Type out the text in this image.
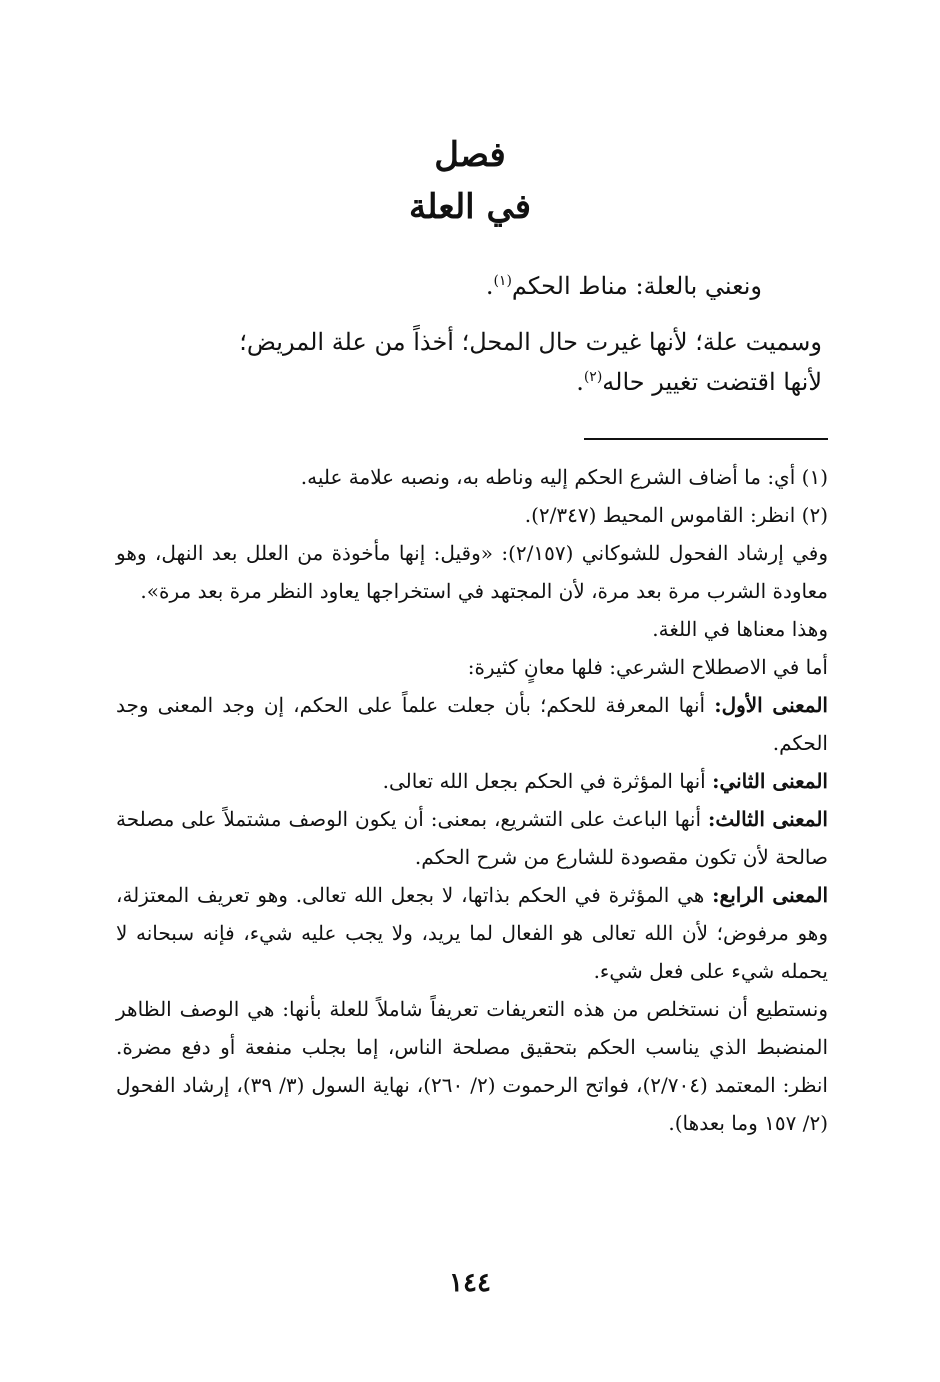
فصل
في العلة

ونعني بالعلة: مناط الحكم$^{(١)}$.

وسميت علة؛ لأنها غيرت حال المحل؛ أخذاً من علة المريض؛
لأنها اقتضت تغيير حاله$^{(٢)}$.

(١) أي: ما أضاف الشرع الحكم إليه وناطه به، ونصبه علامة عليه.

(٢) انظر: القاموس المحيط (٢/٣٤٧).

وفي إرشاد الفحول للشوكاني (٢/١٥٧): «وقيل: إنها مأخوذة من العلل بعد النهل، وهو معاودة الشرب مرة بعد مرة، لأن المجتهد في استخراجها يعاود النظر مرة بعد مرة».

وهذا معناها في اللغة.

أما في الاصطلاح الشرعي: فلها معانٍ كثيرة:

المعنى الأول: أنها المعرفة للحكم؛ بأن جعلت علماً على الحكم، إن وجد المعنى وجد الحكم.

المعنى الثاني: أنها المؤثرة في الحكم بجعل الله تعالى.

المعنى الثالث: أنها الباعث على التشريع، بمعنى: أن يكون الوصف مشتملاً على مصلحة صالحة لأن تكون مقصودة للشارع من شرح الحكم.

المعنى الرابع: هي المؤثرة في الحكم بذاتها، لا بجعل الله تعالى. وهو تعريف المعتزلة، وهو مرفوض؛ لأن الله تعالى هو الفعال لما يريد، ولا يجب عليه شيء، فإنه سبحانه لا يحمله شيء على فعل شيء.

ونستطيع أن نستخلص من هذه التعريفات تعريفاً شاملاً للعلة بأنها: هي الوصف الظاهر المنضبط الذي يناسب الحكم بتحقيق مصلحة الناس، إما بجلب منفعة أو دفع مضرة. انظر: المعتمد (٢/٧٠٤)، فواتح الرحموت (٢/ ٢٦٠)، نهاية السول (٣/ ٣٩)، إرشاد الفحول (٢/ ١٥٧ وما بعدها).

١٤٤
